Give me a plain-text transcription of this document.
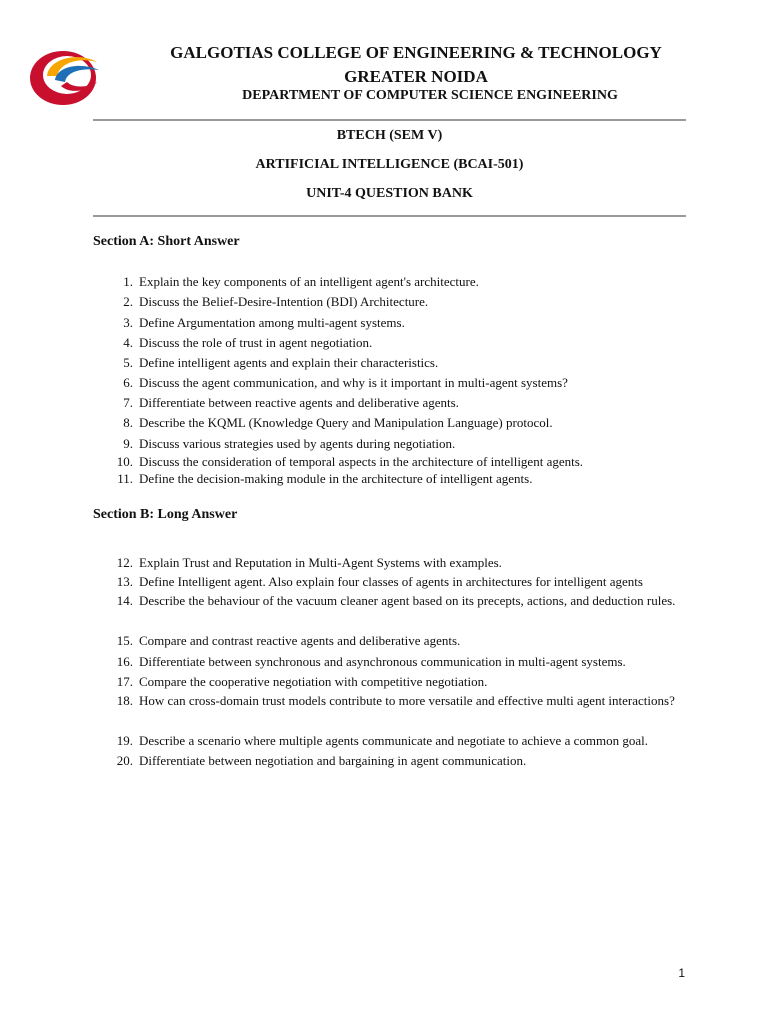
GALGOTIAS COLLEGE OF ENGINEERING & TECHNOLOGY
GREATER NOIDA
DEPARTMENT OF COMPUTER SCIENCE ENGINEERING
BTECH (SEM V)
ARTIFICIAL INTELLIGENCE (BCAI-501)
UNIT-4 QUESTION BANK
Section A: Short Answer
1. Explain the key components of an intelligent agent's architecture.
2. Discuss the Belief-Desire-Intention (BDI) Architecture.
3. Define Argumentation among multi-agent systems.
4. Discuss the role of trust in agent negotiation.
5. Define intelligent agents and explain their characteristics.
6. Discuss the agent communication, and why is it important in multi-agent systems?
7. Differentiate between reactive agents and deliberative agents.
8. Describe the KQML (Knowledge Query and Manipulation Language) protocol.
9. Discuss various strategies used by agents during negotiation.
10. Discuss the consideration of temporal aspects in the architecture of intelligent agents.
11. Define the decision-making module in the architecture of intelligent agents.
Section B: Long Answer
12. Explain Trust and Reputation in Multi-Agent Systems with examples.
13. Define Intelligent agent. Also explain four classes of agents in architectures for intelligent agents
14. Describe the behaviour of the vacuum cleaner agent based on its precepts, actions, and deduction rules.
15. Compare and contrast reactive agents and deliberative agents.
16. Differentiate between synchronous and asynchronous communication in multi-agent systems.
17. Compare the cooperative negotiation with competitive negotiation.
18. How can cross-domain trust models contribute to more versatile and effective multi agent interactions?
19. Describe a scenario where multiple agents communicate and negotiate to achieve a common goal.
20. Differentiate between negotiation and bargaining in agent communication.
1
